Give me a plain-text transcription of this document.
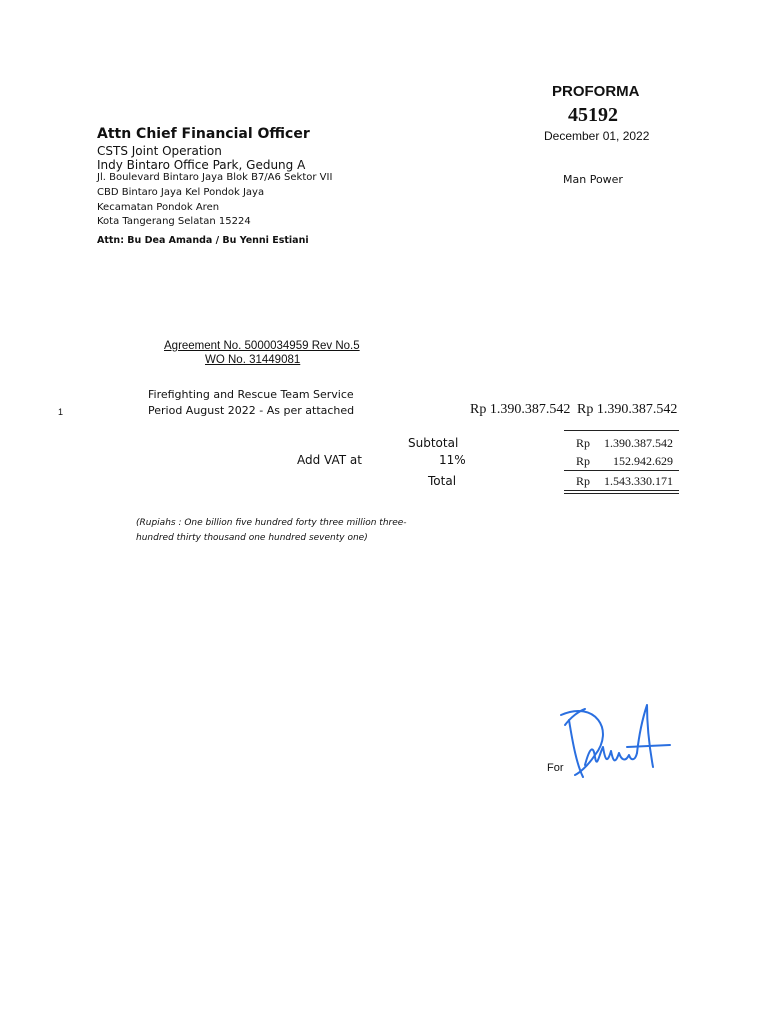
PROFORMA
45192
December 01, 2022
Man Power
Attn Chief Financial Officer
CSTS Joint Operation
Indy Bintaro Office Park, Gedung A
Jl. Boulevard Bintaro Jaya Blok B7/A6 Sektor VII
CBD Bintaro Jaya Kel Pondok Jaya
Kecamatan Pondok Aren
Kota Tangerang Selatan 15224
Attn: Bu Dea Amanda / Bu Yenni Estiani
Agreement No. 5000034959 Rev No.5
WO No. 31449081
1
Firefighting and Rescue Team Service
Period August 2022 - As per attached	Rp 1.390.387.542 Rp 1.390.387.542
Subtotal	Rp 1.390.387.542
Add VAT at	11%	Rp 152.942.629
Total	Rp 1.543.330.171
(Rupiahs : One billion five hundred forty three million three-
hundred thirty thousand one hundred seventy one)
For
